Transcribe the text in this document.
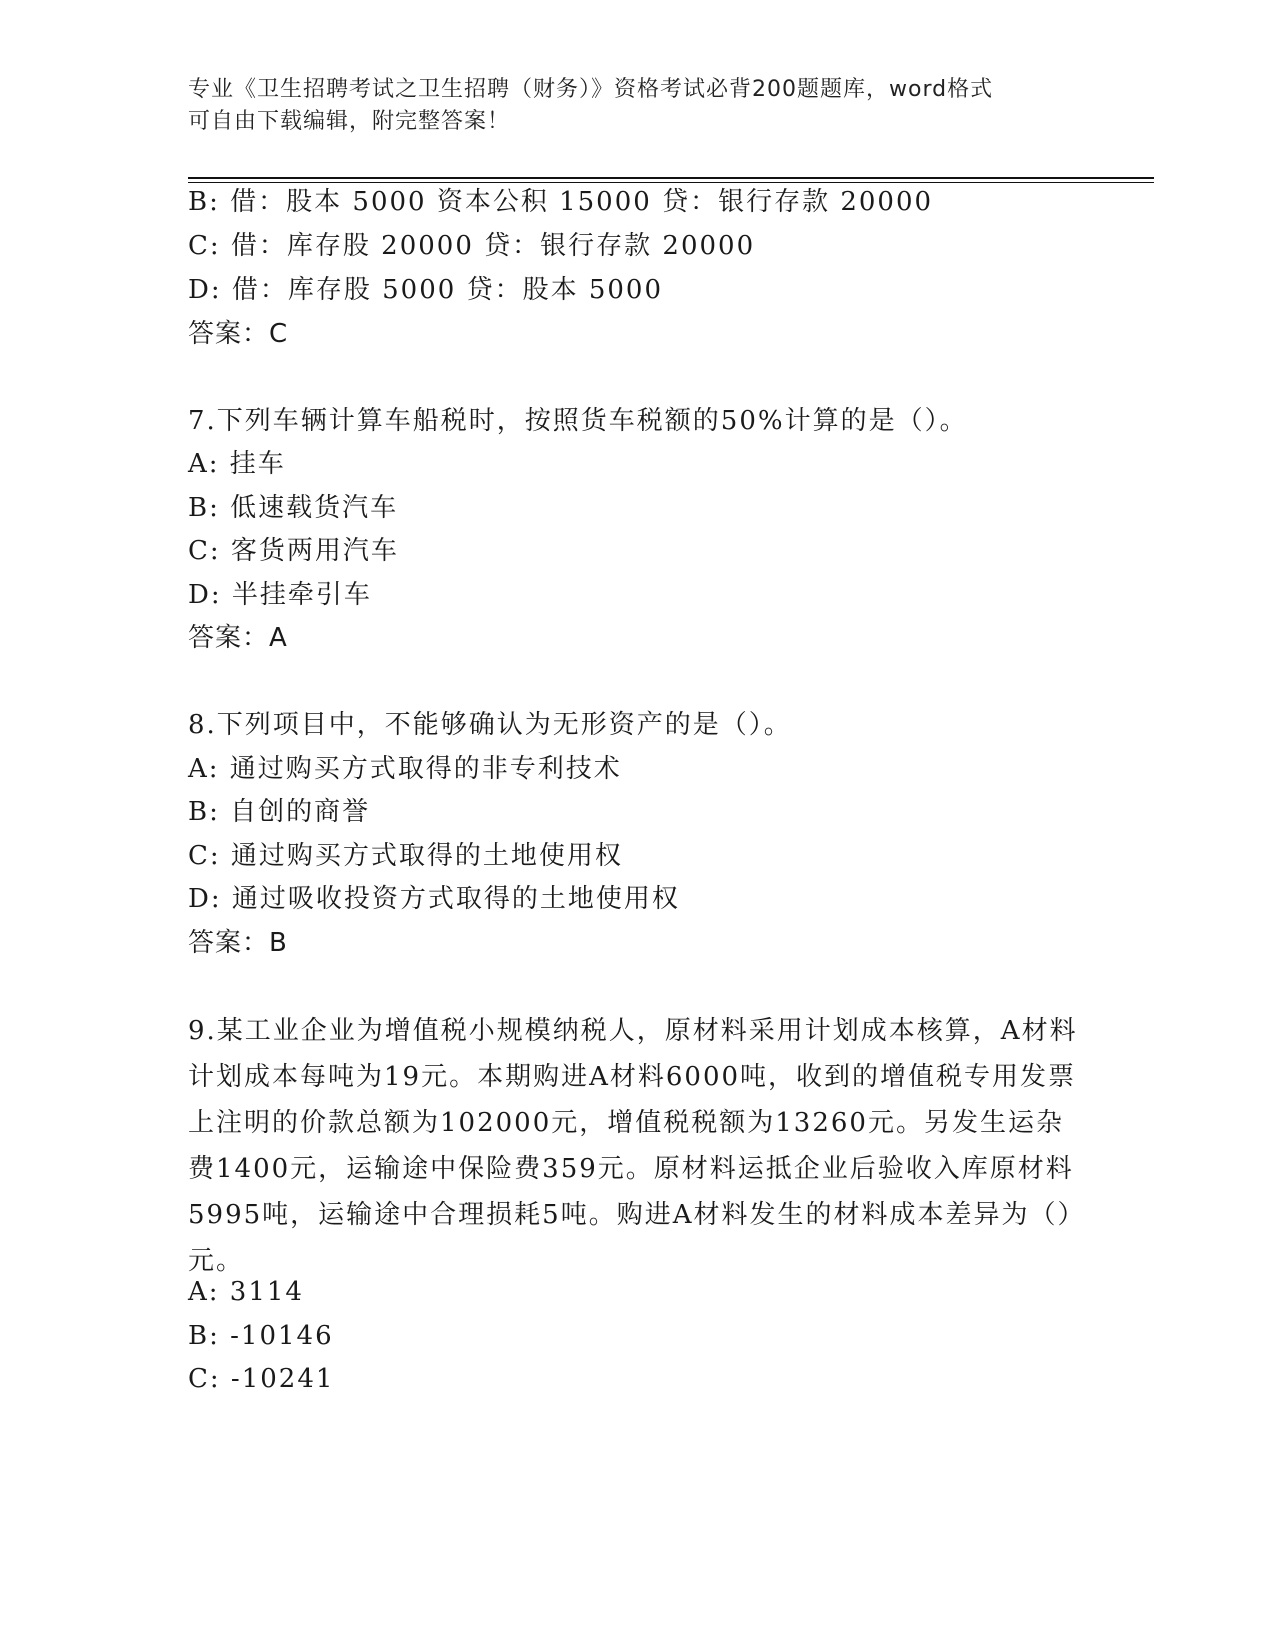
专业《卫生招聘考试之卫生招聘（财务）》资格考试必背200题题库，word格式
可自由下载编辑，附完整答案！
B: 借：股本 5000 资本公积 15000 贷：银行存款 20000
C: 借：库存股 20000 贷：银行存款 20000
D: 借：库存股 5000 贷：股本 5000
答案：C
7.下列车辆计算车船税时，按照货车税额的50%计算的是（）。
A: 挂车
B: 低速载货汽车
C: 客货两用汽车
D: 半挂牵引车
答案：A
8.下列项目中，不能够确认为无形资产的是（）。
A: 通过购买方式取得的非专利技术
B: 自创的商誉
C: 通过购买方式取得的土地使用权
D: 通过吸收投资方式取得的土地使用权
答案：B
9.某工业企业为增值税小规模纳税人，原材料采用计划成本核算，A材料计划成本每吨为19元。本期购进A材料6000吨，收到的增值税专用发票上注明的价款总额为102000元，增值税税额为13260元。另发生运杂费1400元，运输途中保险费359元。原材料运抵企业后验收入库原材料5995吨，运输途中合理损耗5吨。购进A材料发生的材料成本差异为（）元。
A: 3114
B: -10146
C: -10241
